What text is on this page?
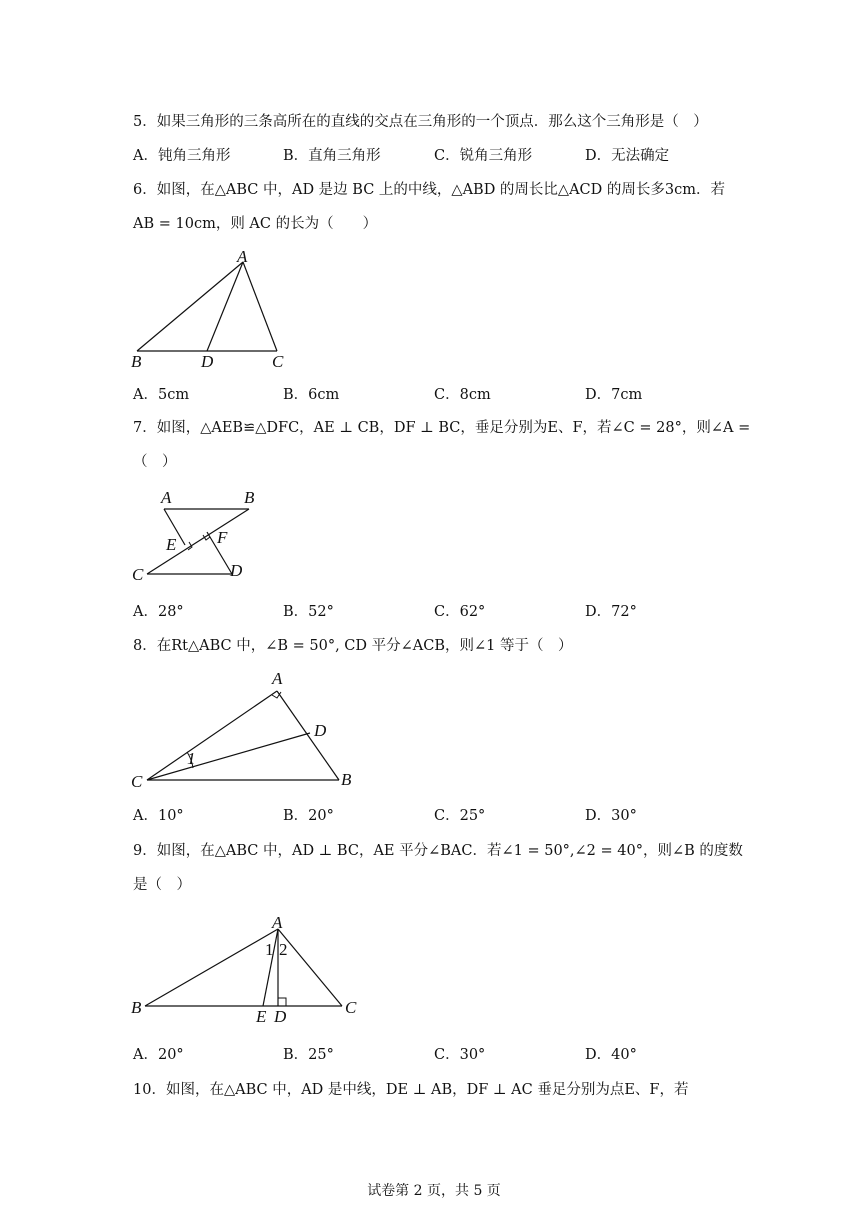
5．如果三角形的三条高所在的直线的交点在三角形的一个顶点．那么这个三角形是（　）
A．钝角三角形	B．直角三角形	C．锐角三角形	D．无法确定
6．如图，在△ABC 中，AD 是边 BC 上的中线，△ABD 的周长比△ACD 的周长多3cm．若
AB = 10cm，则 AC 的长为（　　）
A
B	D	C
A．5cm	B．6cm	C．8cm	D．7cm
7．如图，△AEB≌△DFC，AE ⊥ CB，DF ⊥ BC，垂足分别为E、F，若∠C = 28°，则∠A =
（　）
A	B
E F
C	D
A．28°	B．52°	C．62°	D．72°
8．在Rt△ABC 中，∠B = 50°, CD 平分∠ACB，则∠1 等于（　）
A
D
1
C	B
A．10°	B．20°	C．25°	D．30°
9．如图，在△ABC 中，AD ⊥ BC，AE 平分∠BAC．若∠1 = 50°,∠2 = 40°，则∠B 的度数
是（　）
A
1 2
B	E D	C
A．20°	B．25°	C．30°	D．40°
10．如图，在△ABC 中，AD 是中线，DE ⊥ AB，DF ⊥ AC 垂足分别为点E、F，若
试卷第 2 页，共 5 页
